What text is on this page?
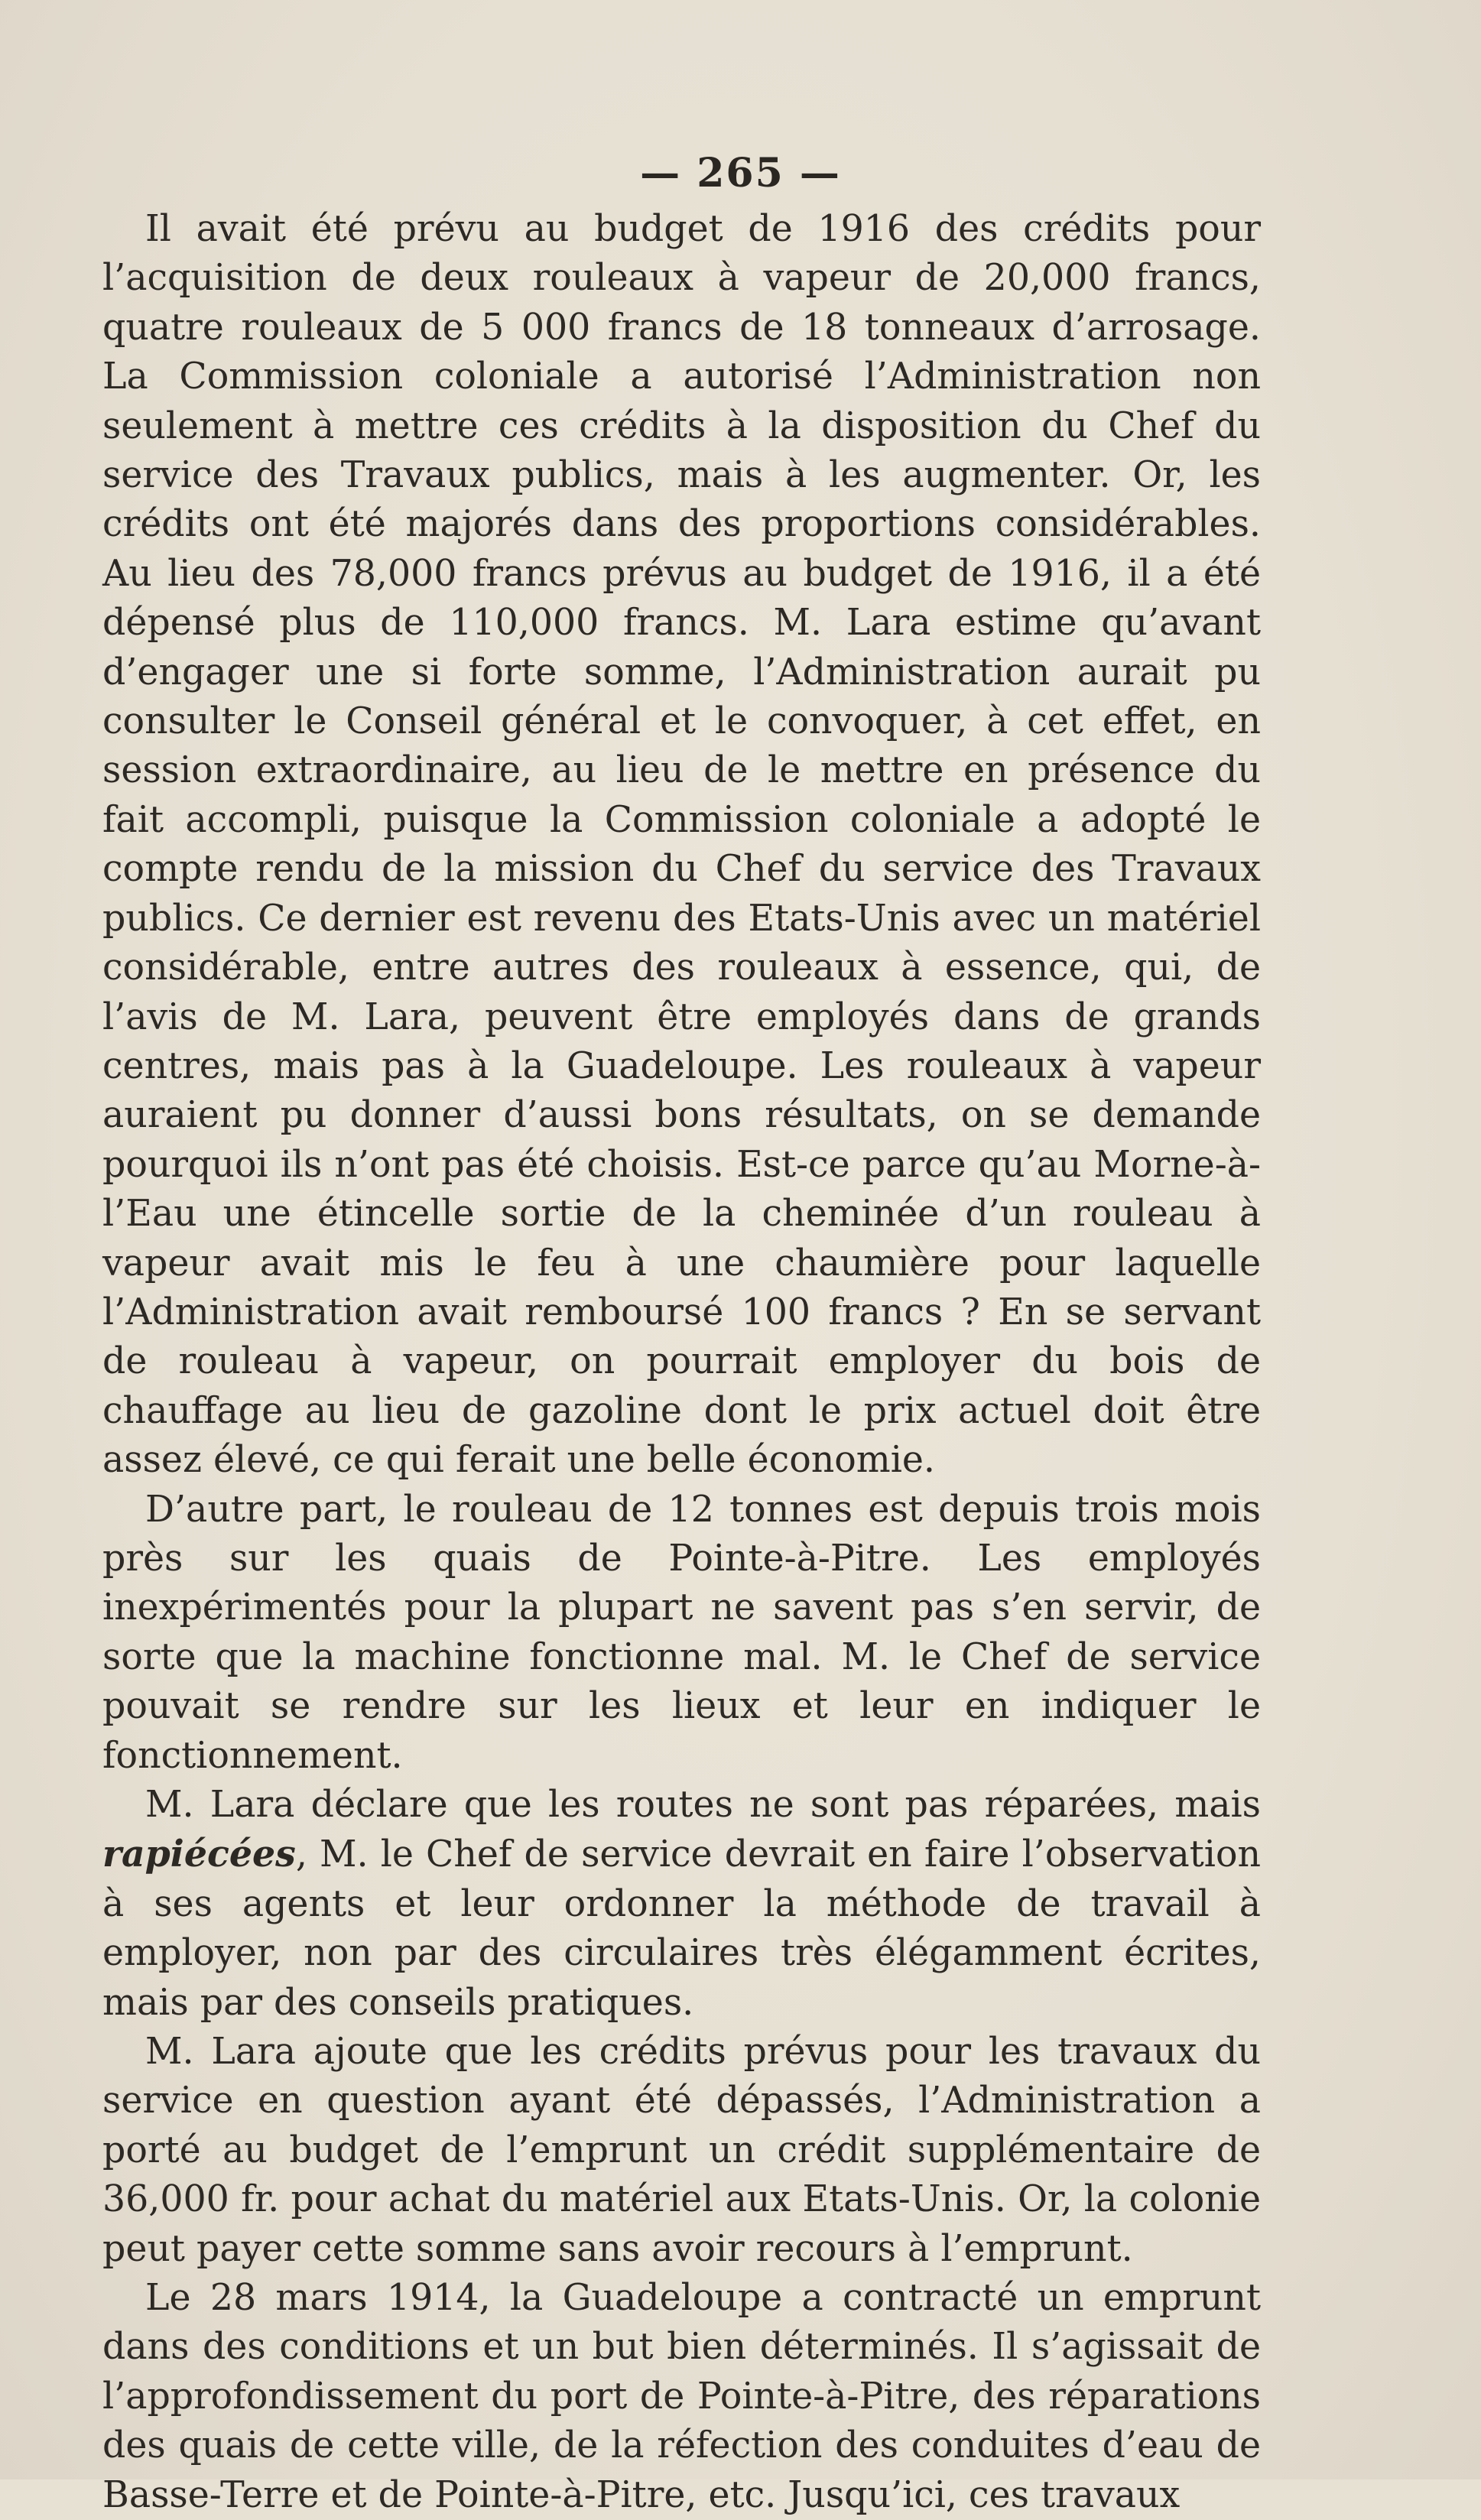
— 265 —

Il avait été prévu au budget de 1916 des crédits pour l’acquisition de deux rouleaux à vapeur de 20,000 francs, quatre rouleaux de 5 000 francs de 18 tonneaux d’arrosage. La Commission coloniale a autorisé l’Administration non seulement à mettre ces crédits à la disposition du Chef du service des Travaux publics, mais à les augmenter. Or, les crédits ont été majorés dans des proportions considérables. Au lieu des 78,000 francs prévus au budget de 1916, il a été dépensé plus de 110,000 francs. M. Lara estime qu’avant d’engager une si forte somme, l’Administration aurait pu consulter le Conseil général et le convoquer, à cet effet, en session extraordinaire, au lieu de le mettre en présence du fait accompli, puisque la Commission coloniale a adopté le compte rendu de la mission du Chef du service des Travaux publics. Ce dernier est revenu des Etats-Unis avec un matériel considérable, entre autres des rouleaux à essence, qui, de l’avis de M. Lara, peuvent être employés dans de grands centres, mais pas à la Guadeloupe. Les rouleaux à vapeur auraient pu donner d’aussi bons résultats, on se demande pourquoi ils n’ont pas été choisis. Est-ce parce qu’au Morne-à-l’Eau une étincelle sortie de la cheminée d’un rouleau à vapeur avait mis le feu à une chaumière pour laquelle l’Administration avait remboursé 100 francs ? En se servant de rouleau à vapeur, on pourrait employer du bois de chauffage au lieu de gazoline dont le prix actuel doit être assez élevé, ce qui ferait une belle économie.

D’autre part, le rouleau de 12 tonnes est depuis trois mois près sur les quais de Pointe-à-Pitre. Les employés inexpérimentés pour la plupart ne savent pas s’en servir, de sorte que la machine fonctionne mal. M. le Chef de service pouvait se rendre sur les lieux et leur en indiquer le fonctionnement.

M. Lara déclare que les routes ne sont pas réparées, mais rapiécées, M. le Chef de service devrait en faire l’observation à ses agents et leur ordonner la méthode de travail à employer, non par des circulaires très élégamment écrites, mais par des conseils pratiques.

M. Lara ajoute que les crédits prévus pour les travaux du service en question ayant été dépassés, l’Administration a porté au budget de l’emprunt un crédit supplémentaire de 36,000 fr. pour achat du matériel aux Etats-Unis. Or, la colonie peut payer cette somme sans avoir recours à l’emprunt.

Le 28 mars 1914, la Guadeloupe a contracté un emprunt dans des conditions et un but bien déterminés. Il s’agissait de l’approfondissement du port de Pointe-à-Pitre, des réparations des quais de cette ville, de la réfection des conduites d’eau de Basse-Terre et de Pointe-à-Pitre, etc. Jusqu’ici, ces travaux
